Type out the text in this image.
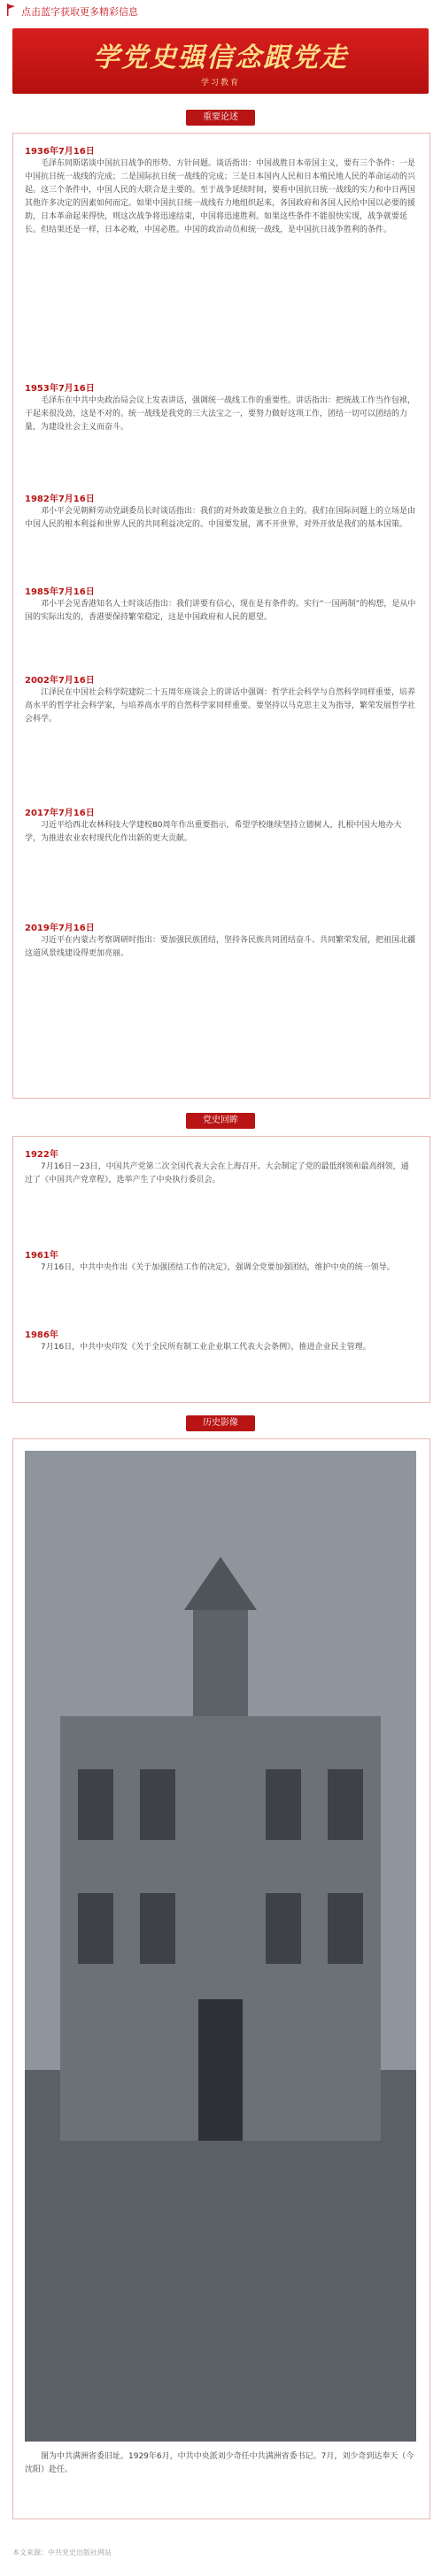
点击蓝字获取更多精彩信息
学党史强信念跟党走
学习教育
重要论述
1936年7月16日
毛泽东同斯诺谈中国抗日战争的形势、方针问题。谈话指出：中国战胜日本帝国主义，要有三个条件：一是中国抗日统一战线的完成；二是国际抗日统一战线的完成；三是日本国内人民和日本殖民地人民的革命运动的兴起。这三个条件中，中国人民的大联合是主要的。至于战争延续时间，要看中国抗日统一战线的实力和中日两国其他许多决定的因素如何而定。如果中国抗日统一战线有力地组织起来，各国政府和各国人民给中国以必要的援助，日本革命起来得快，则这次战争将迅速结束，中国将迅速胜利。如果这些条件不能很快实现，战争就要延长。但结果还是一样，日本必败，中国必胜。中国的政治动员和统一战线，是中国抗日战争胜利的条件。
1953年7月16日
毛泽东在中共中央政治局会议上发表讲话，强调统一战线工作的重要性。讲话指出：把统战工作当作包袱，干起来很没劲，这是不对的。统一战线是我党的三大法宝之一，要努力做好这项工作，团结一切可以团结的力量，为建设社会主义而奋斗。
1982年7月16日
邓小平会见朝鲜劳动党副委员长时谈话指出：我们的对外政策是独立自主的。我们在国际问题上的立场是由中国人民的根本利益和世界人民的共同利益决定的。中国要发展，离不开世界，对外开放是我们的基本国策。
1985年7月16日
邓小平会见香港知名人士时谈话指出：我们讲要有信心，现在是有条件的。实行“一国两制”的构想，是从中国的实际出发的，香港要保持繁荣稳定，这是中国政府和人民的愿望。
2002年7月16日
江泽民在中国社会科学院建院二十五周年座谈会上的讲话中强调：哲学社会科学与自然科学同样重要，培养高水平的哲学社会科学家，与培养高水平的自然科学家同样重要。要坚持以马克思主义为指导，繁荣发展哲学社会科学。
2017年7月16日
习近平给西北农林科技大学建校80周年作出重要指示，希望学校继续坚持立德树人，扎根中国大地办大学，为推进农业农村现代化作出新的更大贡献。
2019年7月16日
习近平在内蒙古考察调研时指出：要加强民族团结，坚持各民族共同团结奋斗、共同繁荣发展，把祖国北疆这道风景线建设得更加亮丽。
党史回眸
1922年
7月16日－23日，中国共产党第二次全国代表大会在上海召开。大会制定了党的最低纲领和最高纲领，通过了《中国共产党章程》，选举产生了中央执行委员会。
1961年
7月16日，中共中央作出《关于加强团结工作的决定》，强调全党要加强团结，维护中央的统一领导。
1986年
7月16日，中共中央印发《关于全民所有制工业企业职工代表大会条例》，推进企业民主管理。
历史影像
图为中共满洲省委旧址。1929年6月，中共中央派刘少奇任中共满洲省委书记。7月，刘少奇到达奉天（今沈阳）赴任。
本文来源：中共党史出版社网站
